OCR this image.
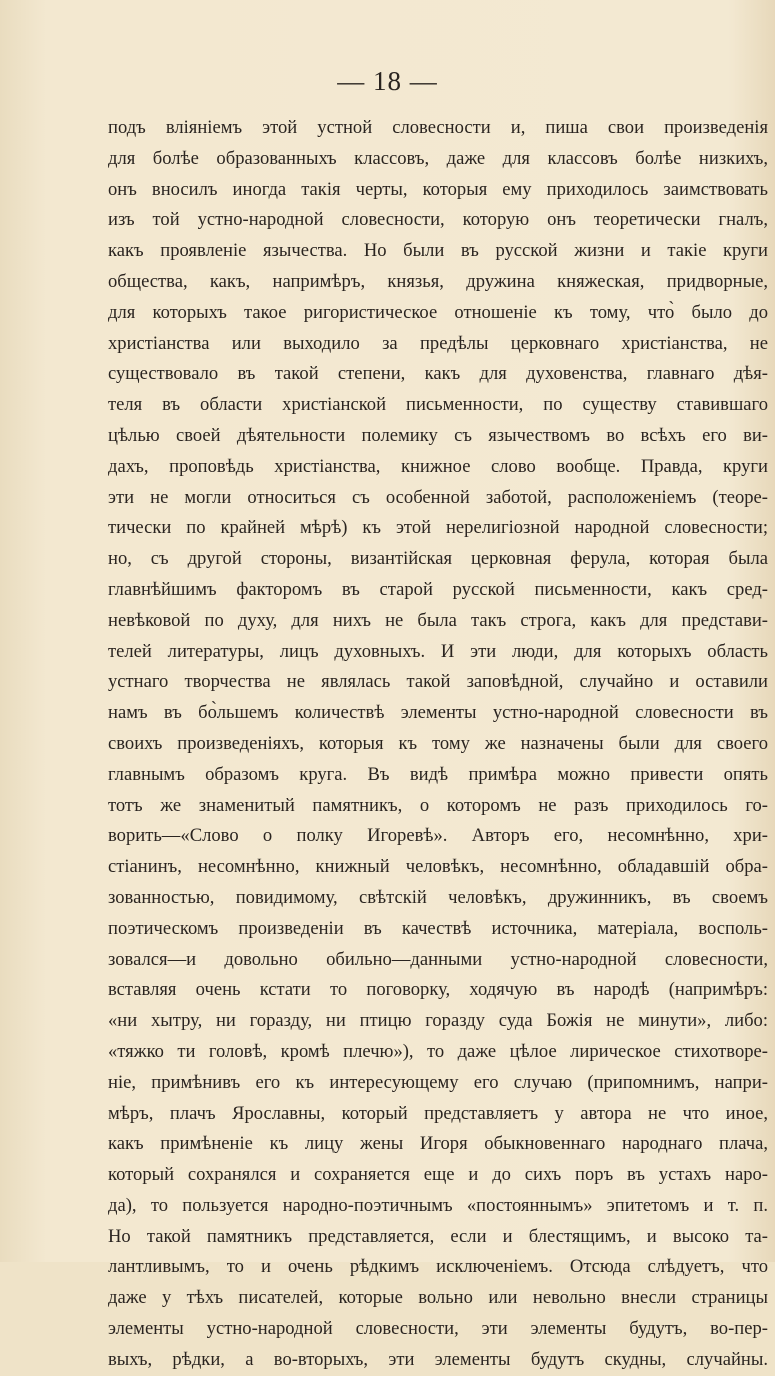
— 18 —
подъ вліяніемъ этой устной словесности и, пиша свои произведенія
для болѣе образованныхъ классовъ, даже для классовъ болѣе низкихъ,
онъ вносилъ иногда такія черты, которыя ему приходилось заимствовать
изъ той устно-народной словесности, которую онъ теоретически гналъ,
какъ проявленіе язычества. Но были въ русской жизни и такіе круги
общества, какъ, напримѣръ, князья, дружина княжеская, придворные,
для которыхъ такое ригористическое отношеніе къ тому, что̀ было до
христіанства или выходило за предѣлы церковнаго христіанства, не
существовало въ такой степени, какъ для духовенства, главнаго дѣя-
теля въ области христіанской письменности, по существу ставившаго
цѣлью своей дѣятельности полемику съ язычествомъ во всѣхъ его ви-
дахъ, проповѣдь христіанства, книжное слово вообще. Правда, круги
эти не могли относиться съ особенной заботой, расположеніемъ (теоре-
тически по крайней мѣрѣ) къ этой нерелигіозной народной словесности;
но, съ другой стороны, византійская церковная ферула, которая была
главнѣйшимъ факторомъ въ старой русской письменности, какъ сред-
невѣковой по духу, для нихъ не была такъ строга, какъ для представи-
телей литературы, лицъ духовныхъ. И эти люди, для которыхъ область
устнаго творчества не являлась такой заповѣдной, случайно и оставили
намъ въ бо̀льшемъ количествѣ элементы устно-народной словесности въ
своихъ произведеніяхъ, которыя къ тому же назначены были для своего
главнымъ образомъ круга. Въ видѣ примѣра можно привести опять
тотъ же знаменитый памятникъ, о которомъ не разъ приходилось го-
ворить—«Слово о полку Игоревѣ». Авторъ его, несомнѣнно, хри-
стіанинъ, несомнѣнно, книжный человѣкъ, несомнѣнно, обладавшій обра-
зованностью, повидимому, свѣтскій человѣкъ, дружинникъ, въ своемъ
поэтическомъ произведеніи въ качествѣ источника, матеріала, восполь-
зовался—и довольно обильно—данными устно-народной словесности,
вставляя очень кстати то поговорку, ходячую въ народѣ (напримѣръ:
«ни хытру, ни горазду, ни птицю горазду суда Божія не минути», либо:
«тяжко ти головѣ, кромѣ плечю»), то даже цѣлое лирическое стихотворе-
ніе, примѣнивъ его къ интересующему его случаю (припомнимъ, напри-
мѣръ, плачъ Ярославны, который представляетъ у автора не что иное,
какъ примѣненіе къ лицу жены Игоря обыкновеннаго народнаго плача,
который сохранялся и сохраняется еще и до сихъ поръ въ устахъ наро-
да), то пользуется народно-поэтичнымъ «постояннымъ» эпитетомъ и т. п.
Но такой памятникъ представляется, если и блестящимъ, и высоко та-
лантливымъ, то и очень рѣдкимъ исключеніемъ. Отсюда слѣдуетъ, что
даже у тѣхъ писателей, которые вольно или невольно внесли страницы
элементы устно-народной словесности, эти элементы будутъ, во-пер-
выхъ, рѣдки, а во-вторыхъ, эти элементы будутъ скудны, случайны.
